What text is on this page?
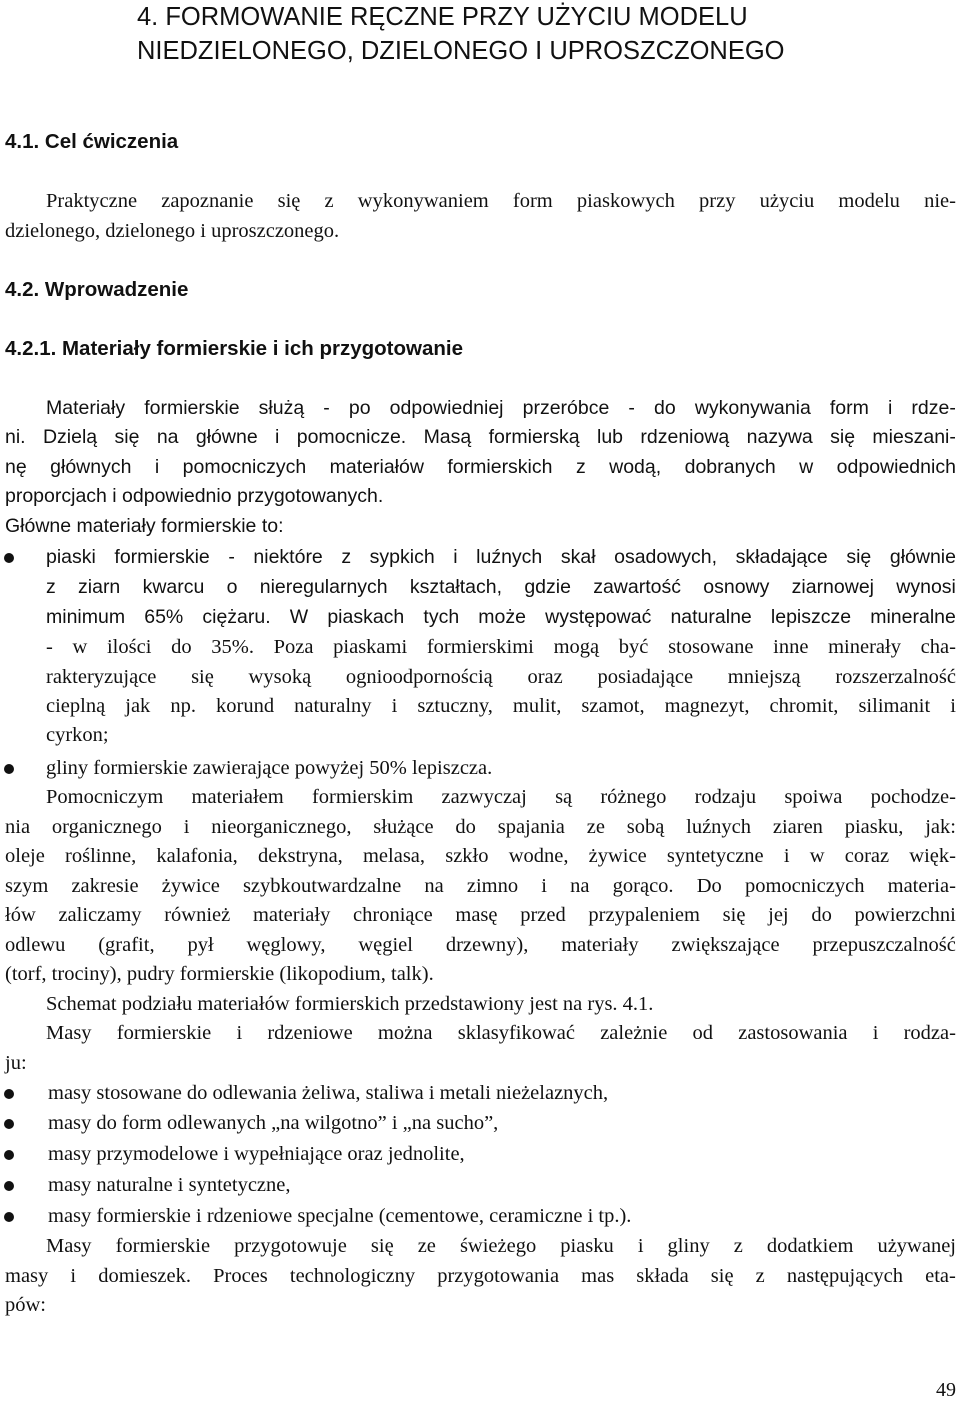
4. FORMOWANIE RĘCZNE PRZY UŻYCIU MODELU
NIEDZIELONEGO, DZIELONEGO I UPROSZCZONEGO
4.1. Cel ćwiczenia
Praktyczne zapoznanie się z wykonywaniem form piaskowych przy użyciu modelu nie-
dzielonego, dzielonego i uproszczonego.
4.2. Wprowadzenie
4.2.1. Materiały formierskie i ich przygotowanie
Materiały formierskie służą - po odpowiedniej przeróbce - do wykonywania form i rdze-
ni. Dzielą się na główne i pomocnicze. Masą formierską lub rdzeniową nazywa się mieszani-
nę głównych i pomocniczych materiałów formierskich z wodą, dobranych w odpowiednich
proporcjach i odpowiednio przygotowanych.
Główne materiały formierskie to:
piaski formierskie - niektóre z sypkich i luźnych skał osadowych, składające się głównie
z ziarn kwarcu o nieregularnych kształtach, gdzie zawartość osnowy ziarnowej wynosi
minimum 65% ciężaru. W piaskach tych może występować naturalne lepiszcze mineralne
- w ilości do 35%. Poza piaskami formierskimi mogą być stosowane inne minerały cha-
rakteryzujące się wysoką ognioodpornością oraz posiadające mniejszą rozszerzalność
cieplną jak np. korund naturalny i sztuczny, mulit, szamot, magnezyt, chromit, silimanit i
cyrkon;
gliny formierskie zawierające powyżej 50% lepiszcza.
Pomocniczym materiałem formierskim zazwyczaj są różnego rodzaju spoiwa pochodze-
nia organicznego i nieorganicznego, służące do spajania ze sobą luźnych ziaren piasku, jak:
oleje roślinne, kalafonia, dekstryna, melasa, szkło wodne, żywice syntetyczne i w coraz więk-
szym zakresie żywice szybkoutwardzalne na zimno i na gorąco. Do pomocniczych materia-
łów zaliczamy również materiały chroniące masę przed przypaleniem się jej do powierzchni
odlewu (grafit, pył węglowy, węgiel drzewny), materiały zwiększające przepuszczalność
(torf, trociny), pudry formierskie (likopodium, talk).
Schemat podziału materiałów formierskich przedstawiony jest na rys. 4.1.
Masy formierskie i rdzeniowe można sklasyfikować zależnie od zastosowania i rodza-
ju:
masy stosowane do odlewania żeliwa, staliwa i metali nieżelaznych,
masy do form odlewanych „na wilgotno” i „na sucho”,
masy przymodelowe i wypełniające oraz jednolite,
masy naturalne i syntetyczne,
masy formierskie i rdzeniowe specjalne (cementowe, ceramiczne i tp.).
Masy formierskie przygotowuje się ze świeżego piasku i gliny z dodatkiem używanej
masy i domieszek. Proces technologiczny przygotowania mas składa się z następujących eta-
pów:
49
